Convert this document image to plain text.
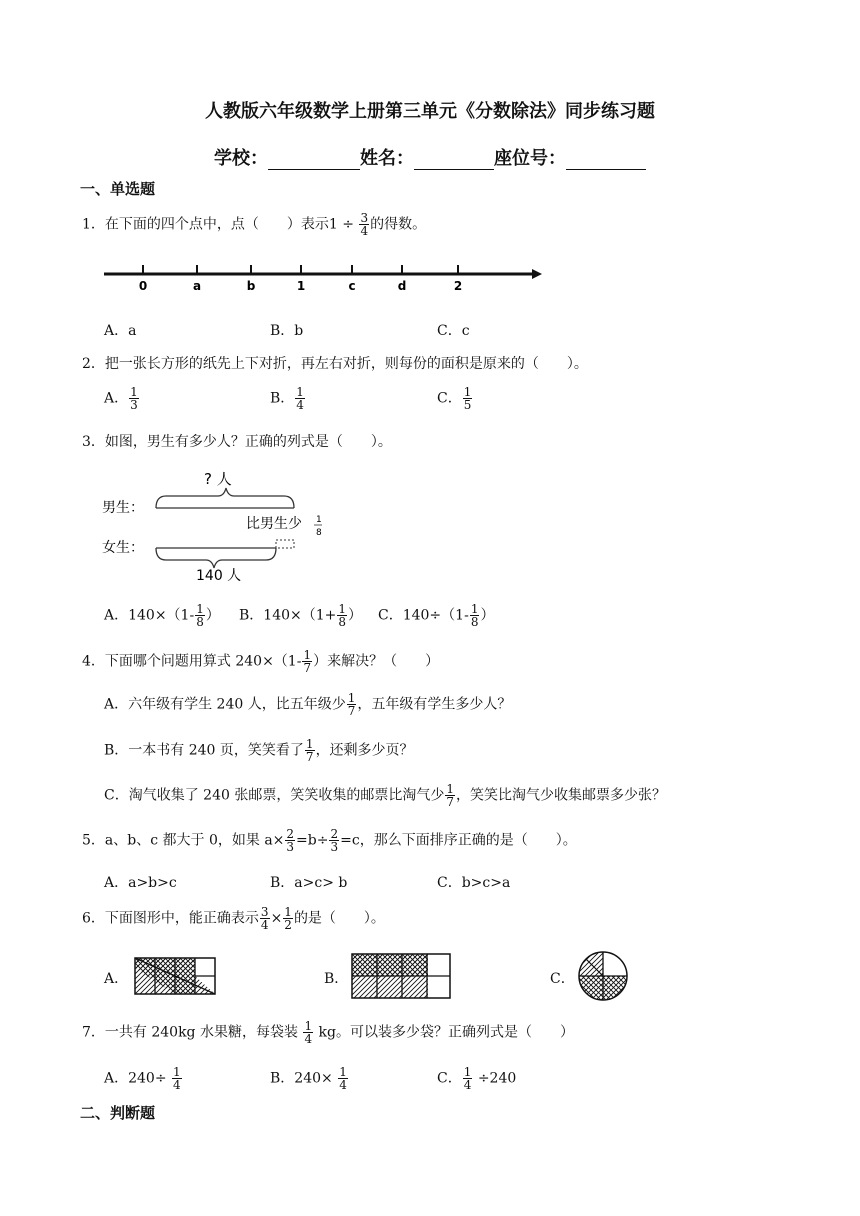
人教版六年级数学上册第三单元《分数除法》同步练习题
学校：	姓名：	座位号：
一、单选题
1．在下面的四个点中，点（　　）表示$1 \div \frac{3}{4}$ 的得数。
0	a	b	1	c	d	2
A．a	B．b	C．c
2．把一张长方形的纸先上下对折，再左右对折，则每份的面积是原来的（　　）。
A． $\frac{1}{3}$	B． $\frac{1}{4}$	C． $\frac{1}{5}$
3．如图，男生有多少人？正确的列式是（　　）。
? 人
男生：
比男生少 1
8
女生：
140 人
A．$140\times(1- \frac{1}{8}$ ） B．$140\times(1+ \frac{1}{8}$ ） C．$140\div(1- \frac{1}{8}$ ）
4．下面哪个问题用算式 $240\times(1- \frac{1}{7}$ ）来解决？（　　）
A．六年级有学生 240 人，比五年级少 $\frac{1}{7}$ ，五年级有学生多少人？
B．一本书有 240 页，笑笑看了 $\frac{1}{7}$ ，还剩多少页？
C．淘气收集了 240 张邮票，笑笑收集的邮票比淘气少 $\frac{1}{7}$ ，笑笑比淘气少收集邮票多少张？
5．a、b、c 都大于 0，如果 $a\times \frac{2}{3} =b\div \frac{2}{3} =c$，那么下面排序正确的是（　　）。
A．a>b>c	B．a>c> b	C．b>c>a
6．下面图形中，能正确表示 $\frac{3}{4} \times \frac{1}{2}$ 的是（　　）。
A．	B．	C．
7．一共有 240kg 水果糖，每袋装 $\frac{1}{4}$ kg。可以装多少袋？正确列式是（　　）
A．$240\div \frac{1}{4}$	B．$240\times \frac{1}{4}$	C． $\frac{1}{4} \div 240$
二、判断题
